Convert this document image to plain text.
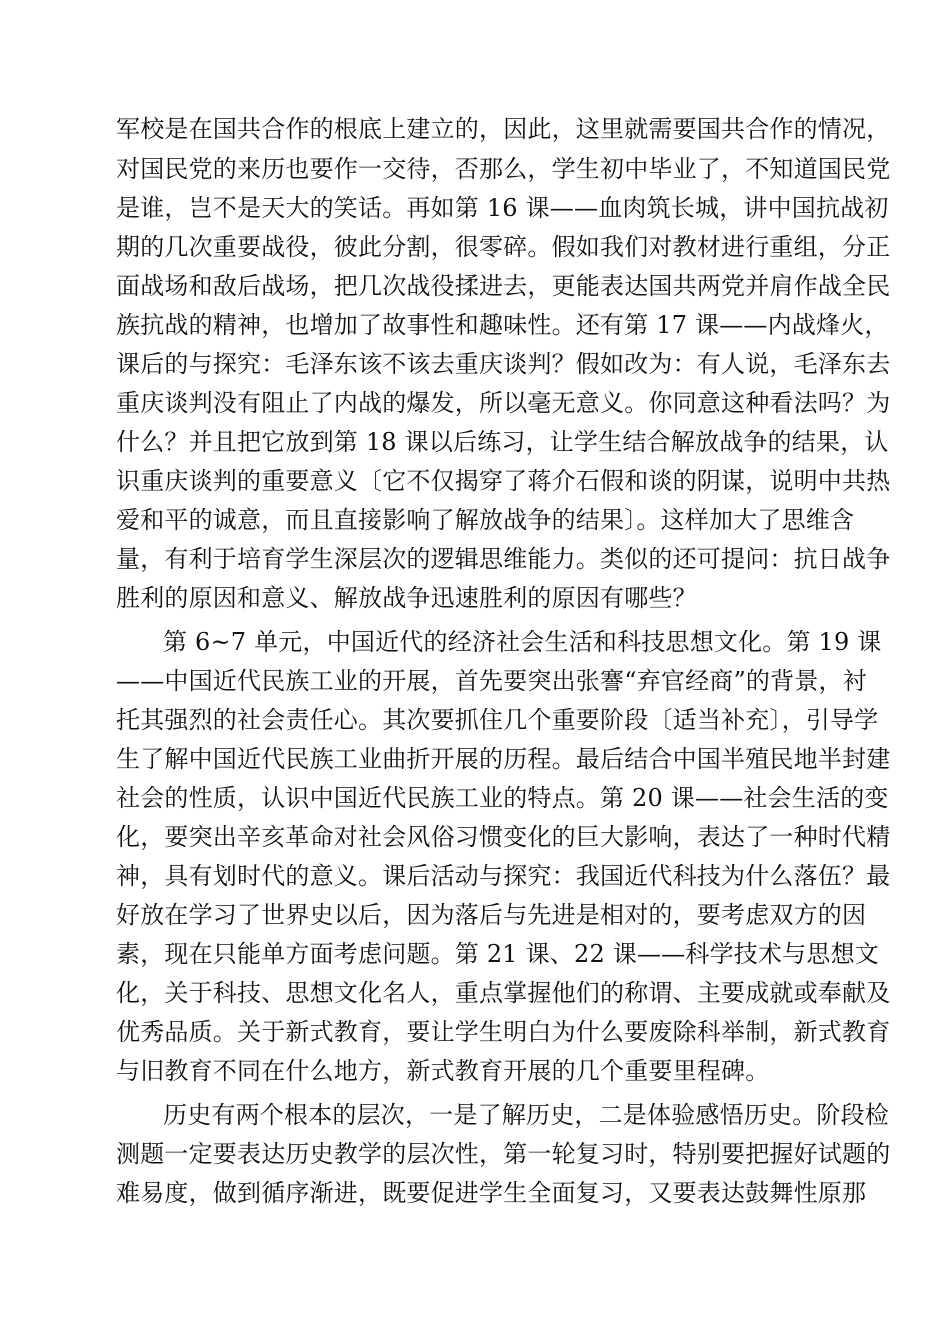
军校是在国共合作的根底上建立的，因此，这里就需要国共合作的情况，
对国民党的来历也要作一交待，否那么，学生初中毕业了，不知道国民党
是谁，岂不是天大的笑话。再如第 16 课——血肉筑长城，讲中国抗战初
期的几次重要战役，彼此分割，很零碎。假如我们对教材进行重组，分正
面战场和敌后战场，把几次战役揉进去，更能表达国共两党并肩作战全民
族抗战的精神，也增加了故事性和趣味性。还有第 17 课——内战烽火，
课后的与探究：毛泽东该不该去重庆谈判？假如改为：有人说，毛泽东去
重庆谈判没有阻止了内战的爆发，所以毫无意义。你同意这种看法吗？为
什么？并且把它放到第 18 课以后练习，让学生结合解放战争的结果，认
识重庆谈判的重要意义〔它不仅揭穿了蒋介石假和谈的阴谋，说明中共热
爱和平的诚意，而且直接影响了解放战争的结果〕。这样加大了思维含
量，有利于培育学生深层次的逻辑思维能力。类似的还可提问：抗日战争
胜利的原因和意义、解放战争迅速胜利的原因有哪些？
第 6~7 单元，中国近代的经济社会生活和科技思想文化。第 19 课
——中国近代民族工业的开展，首先要突出张謇“弃官经商”的背景，衬
托其强烈的社会责任心。其次要抓住几个重要阶段〔适当补充〕，引导学
生了解中国近代民族工业曲折开展的历程。最后结合中国半殖民地半封建
社会的性质，认识中国近代民族工业的特点。第 20 课——社会生活的变
化，要突出辛亥革命对社会风俗习惯变化的巨大影响，表达了一种时代精
神，具有划时代的意义。课后活动与探究：我国近代科技为什么落伍？最
好放在学习了世界史以后，因为落后与先进是相对的，要考虑双方的因
素，现在只能单方面考虑问题。第 21 课、22 课——科学技术与思想文
化，关于科技、思想文化名人，重点掌握他们的称谓、主要成就或奉献及
优秀品质。关于新式教育，要让学生明白为什么要废除科举制，新式教育
与旧教育不同在什么地方，新式教育开展的几个重要里程碑。
历史有两个根本的层次，一是了解历史，二是体验感悟历史。阶段检
测题一定要表达历史教学的层次性，第一轮复习时，特别要把握好试题的
难易度，做到循序渐进，既要促进学生全面复习，又要表达鼓舞性原那
